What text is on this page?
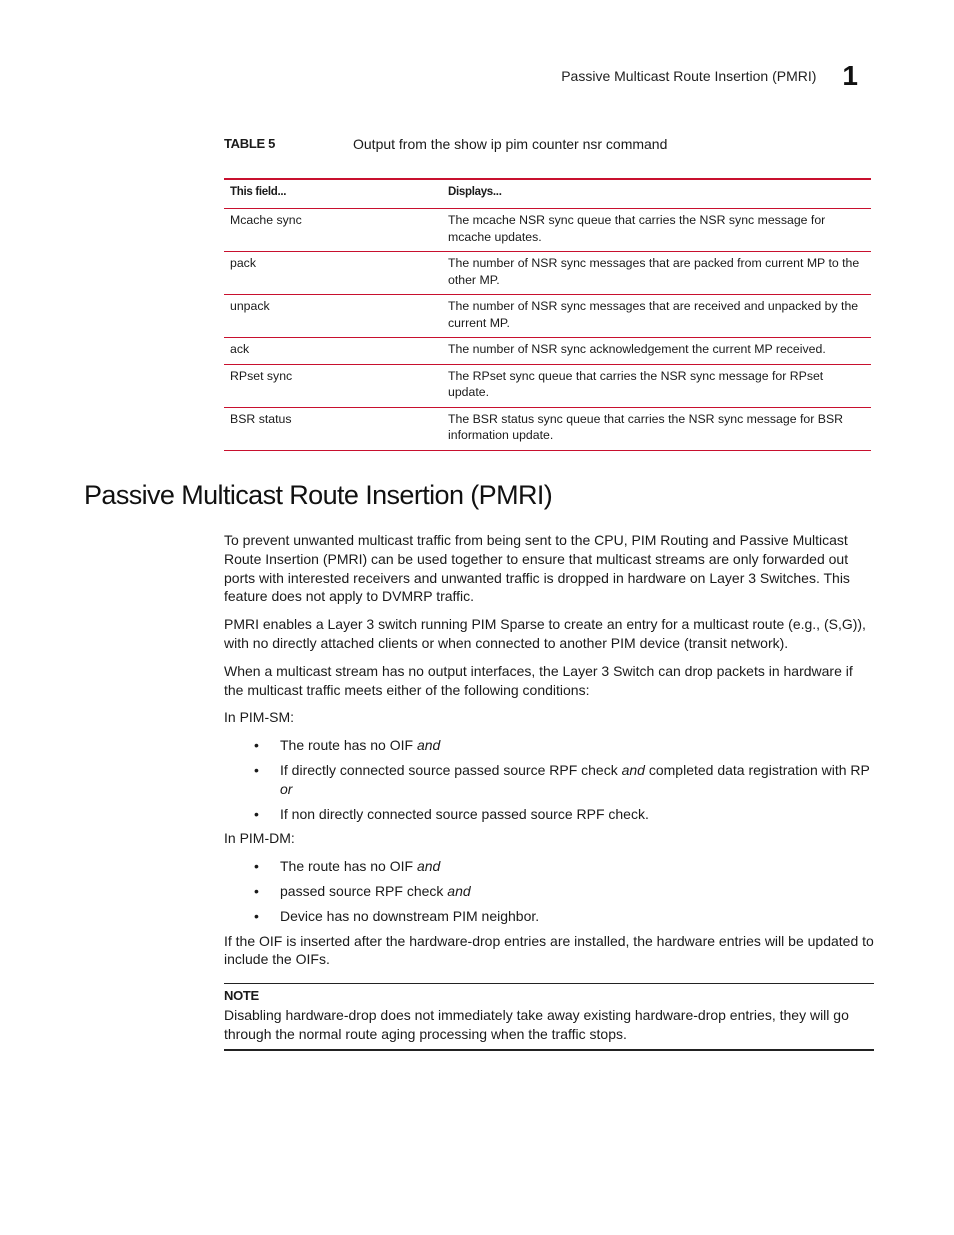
Passive Multicast Route Insertion (PMRI) 1
TABLE 5	Output from the show ip pim counter nsr command
This field...	Displays...
Mcache sync	The mcache NSR sync queue that carries the NSR sync message for mcache updates.
pack	The number of NSR sync messages that are packed from current MP to the other MP.
unpack	The number of NSR sync messages that are received and unpacked by the current MP.
ack	The number of NSR sync acknowledgement the current MP received.
RPset sync	The RPset sync queue that carries the NSR sync message for RPset update.
BSR status	The BSR status sync queue that carries the NSR sync message for BSR information update.
Passive Multicast Route Insertion (PMRI)

To prevent unwanted multicast traffic from being sent to the CPU, PIM Routing and Passive Multicast Route Insertion (PMRI) can be used together to ensure that multicast streams are only forwarded out ports with interested receivers and unwanted traffic is dropped in hardware on Layer 3 Switches. This feature does not apply to DVMRP traffic.

PMRI enables a Layer 3 switch running PIM Sparse to create an entry for a multicast route (e.g., (S,G)), with no directly attached clients or when connected to another PIM device (transit network).

When a multicast stream has no output interfaces, the Layer 3 Switch can drop packets in hardware if the multicast traffic meets either of the following conditions:

In PIM-SM:

• The route has no OIF and
• If directly connected source passed source RPF check and completed data registration with RP or
• If non directly connected source passed source RPF check.

In PIM-DM:

• The route has no OIF and
• passed source RPF check and
• Device has no downstream PIM neighbor.

If the OIF is inserted after the hardware-drop entries are installed, the hardware entries will be updated to include the OIFs.

NOTE
Disabling hardware-drop does not immediately take away existing hardware-drop entries, they will go through the normal route aging processing when the traffic stops.
